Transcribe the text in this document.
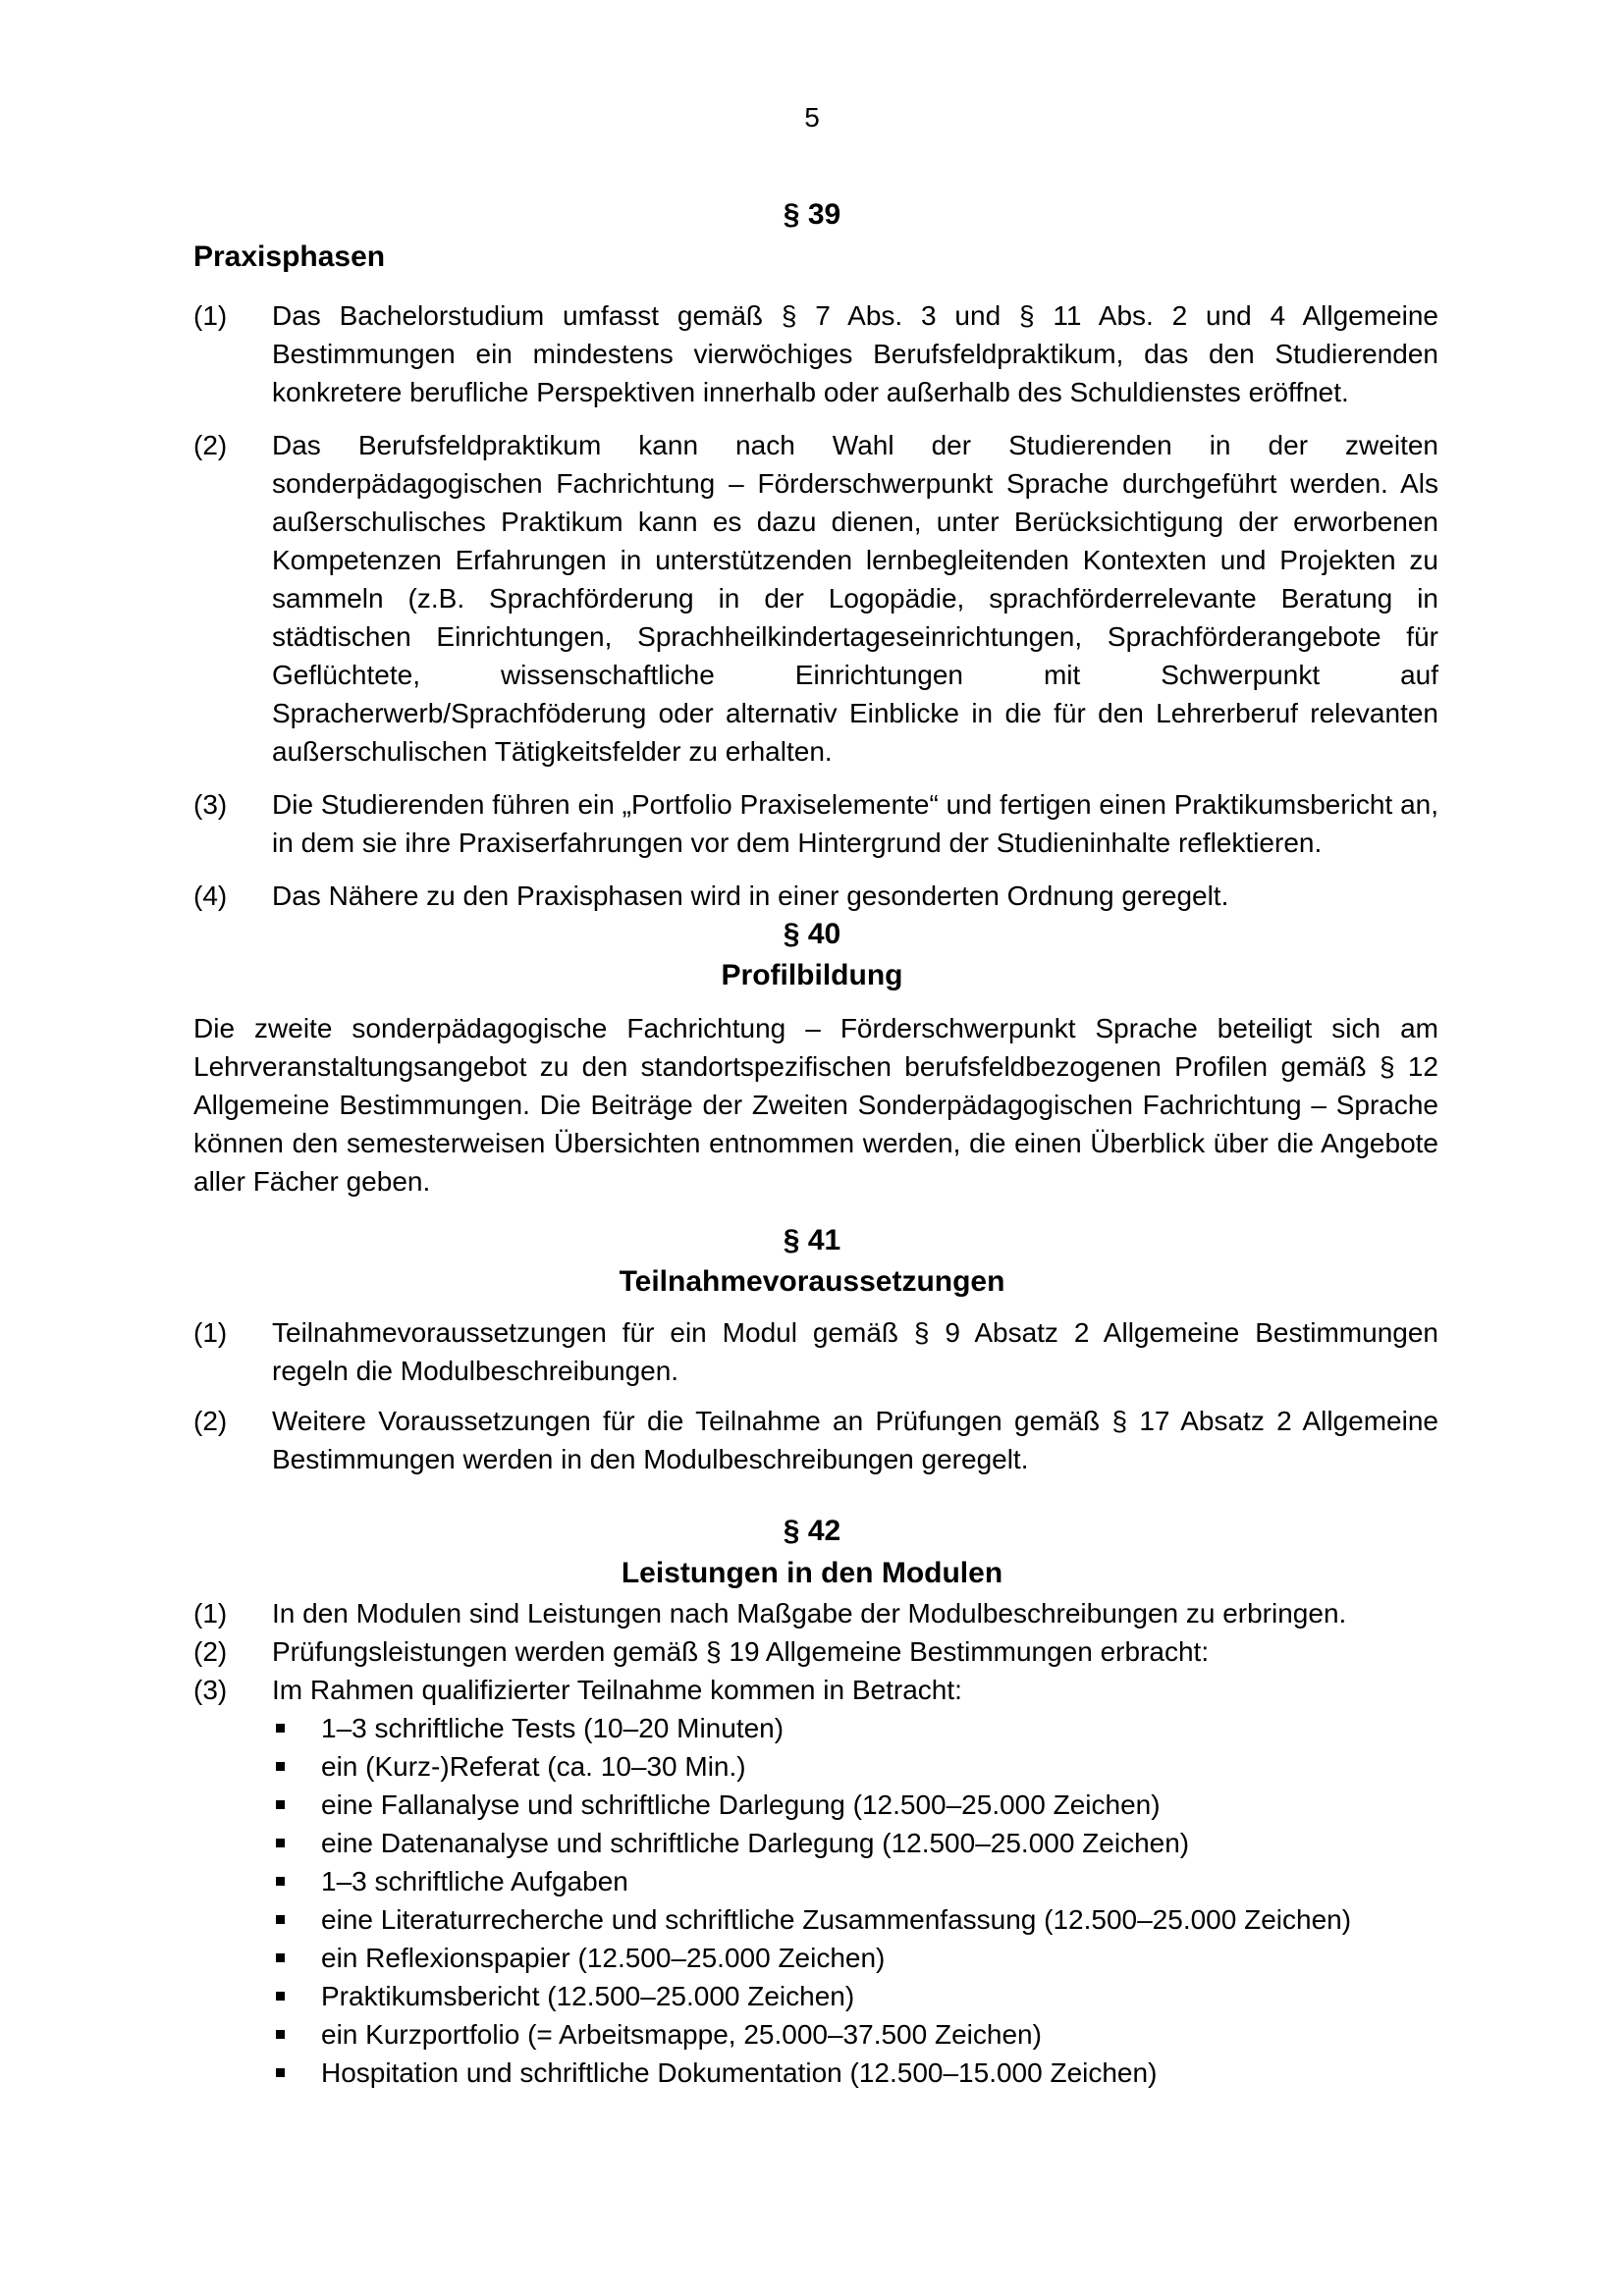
5
§ 39
Praxisphasen
(1) Das Bachelorstudium umfasst gemäß § 7 Abs. 3 und § 11 Abs. 2 und 4 Allgemeine Bestimmungen ein mindestens vierwöchiges Berufsfeldpraktikum, das den Studierenden konkretere berufliche Perspektiven innerhalb oder außerhalb des Schuldienstes eröffnet.
(2) Das Berufsfeldpraktikum kann nach Wahl der Studierenden in der zweiten sonderpädagogischen Fachrichtung – Förderschwerpunkt Sprache durchgeführt werden. Als außerschulisches Praktikum kann es dazu dienen, unter Berücksichtigung der erworbenen Kompetenzen Erfahrungen in unterstützenden lernbegleitenden Kontexten und Projekten zu sammeln (z.B. Sprachförderung in der Logopädie, sprachförderrelevante Beratung in städtischen Einrichtungen, Sprachheilkindertageseinrichtungen, Sprachförderangebote für Geflüchtete, wissenschaftliche Einrichtungen mit Schwerpunkt auf Spracherwerb/Sprachföderung oder alternativ Einblicke in die für den Lehrerberuf relevanten außerschulischen Tätigkeitsfelder zu erhalten.
(3) Die Studierenden führen ein „Portfolio Praxiselemente“ und fertigen einen Praktikumsbericht an, in dem sie ihre Praxiserfahrungen vor dem Hintergrund der Studieninhalte reflektieren.
(4) Das Nähere zu den Praxisphasen wird in einer gesonderten Ordnung geregelt.
§ 40
Profilbildung
Die zweite sonderpädagogische Fachrichtung – Förderschwerpunkt Sprache beteiligt sich am Lehrveranstaltungsangebot zu den standortspezifischen berufsfeldbezogenen Profilen gemäß § 12 Allgemeine Bestimmungen. Die Beiträge der Zweiten Sonderpädagogischen Fachrichtung – Sprache können den semesterweisen Übersichten entnommen werden, die einen Überblick über die Angebote aller Fächer geben.
§ 41
Teilnahmevoraussetzungen
(1) Teilnahmevoraussetzungen für ein Modul gemäß § 9 Absatz 2 Allgemeine Bestimmungen regeln die Modulbeschreibungen.
(2) Weitere Voraussetzungen für die Teilnahme an Prüfungen gemäß § 17 Absatz 2 Allgemeine Bestimmungen werden in den Modulbeschreibungen geregelt.
§ 42
Leistungen in den Modulen
(1) In den Modulen sind Leistungen nach Maßgabe der Modulbeschreibungen zu erbringen.
(2) Prüfungsleistungen werden gemäß § 19 Allgemeine Bestimmungen erbracht:
(3) Im Rahmen qualifizierter Teilnahme kommen in Betracht:
1–3 schriftliche Tests (10–20 Minuten)
ein (Kurz-)Referat (ca. 10–30 Min.)
eine Fallanalyse und schriftliche Darlegung (12.500–25.000 Zeichen)
eine Datenanalyse und schriftliche Darlegung (12.500–25.000 Zeichen)
1–3 schriftliche Aufgaben
eine Literaturrecherche und schriftliche Zusammenfassung (12.500–25.000 Zeichen)
ein Reflexionspapier (12.500–25.000 Zeichen)
Praktikumsbericht (12.500–25.000 Zeichen)
ein Kurzportfolio (= Arbeitsmappe, 25.000–37.500 Zeichen)
Hospitation und schriftliche Dokumentation (12.500–15.000 Zeichen)
